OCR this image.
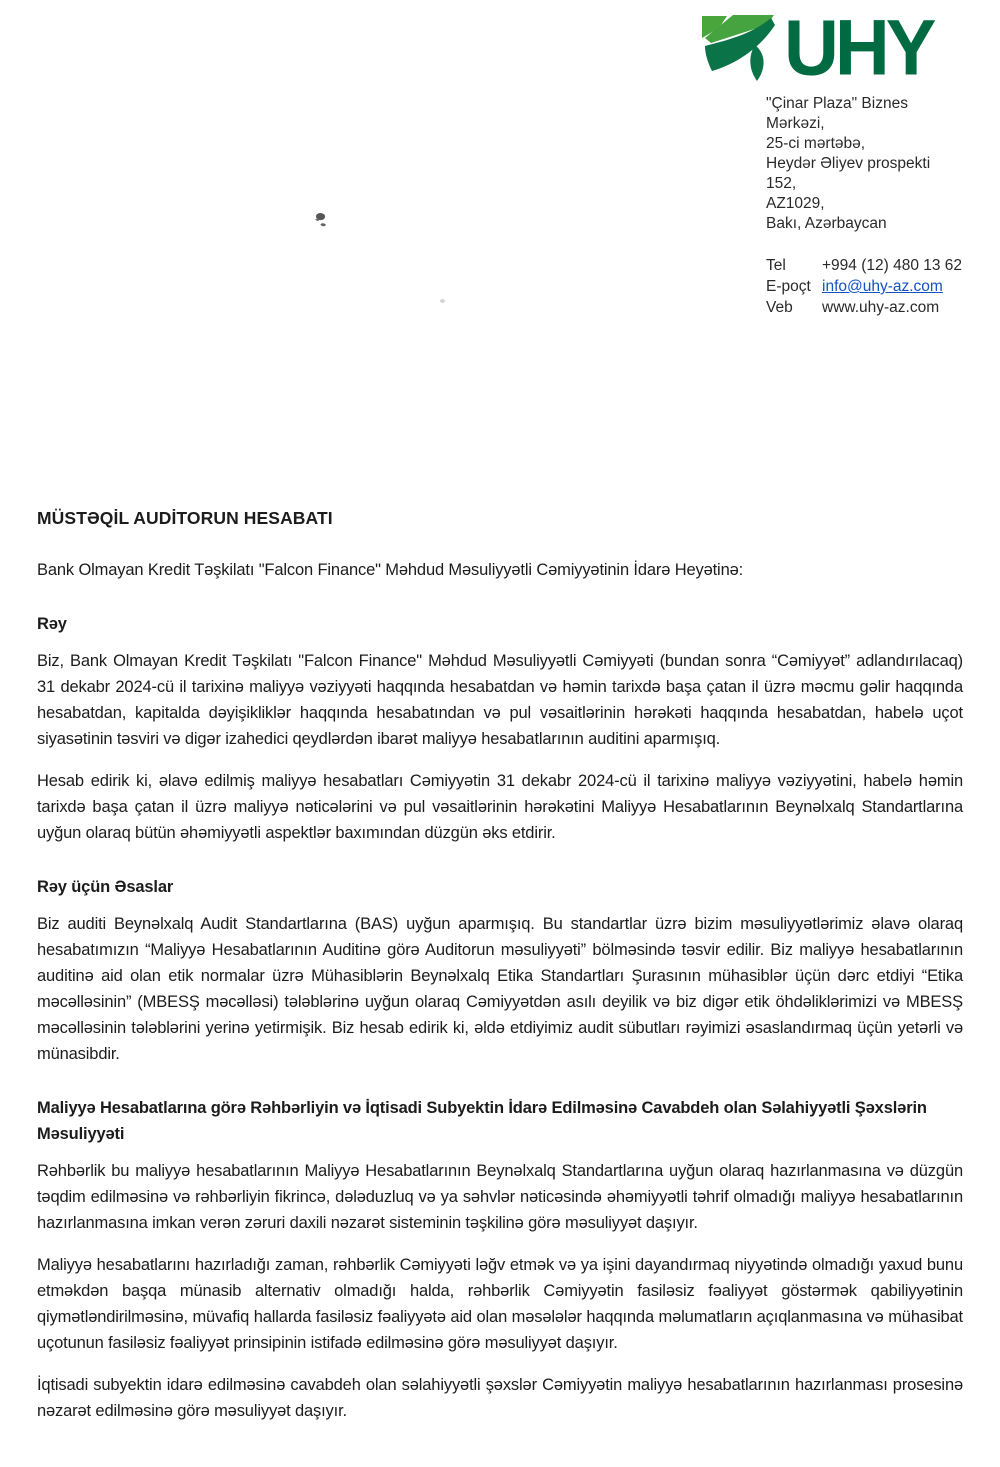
UHY
"Çinar Plaza" Biznes Mərkəzi,
25-ci mərtəbə,
Heydər Əliyev prospekti 152,
AZ1029,
Bakı, Azərbaycan
Tel	+994 (12) 480 13 62
E-poçt info@uhy-az.com
Veb	www.uhy-az.com
MÜSTƏQİL AUDİTORUN HESABATI

Bank Olmayan Kredit Təşkilatı "Falcon Finance" Məhdud Məsuliyyətli Cəmiyyətinin İdarə Heyətinə:

Rəy

Biz, Bank Olmayan Kredit Təşkilatı "Falcon Finance" Məhdud Məsuliyyətli Cəmiyyəti (bundan sonra “Cəmiyyət” adlandırılacaq) 31 dekabr 2024-cü il tarixinə maliyyə vəziyyəti haqqında hesabatdan və həmin tarixdə başa çatan il üzrə məcmu gəlir haqqında hesabatdan, kapitalda dəyişikliklər haqqında hesabatından və pul vəsaitlərinin hərəkəti haqqında hesabatdan, habelə uçot siyasətinin təsviri və digər izahedici qeydlərdən ibarət maliyyə hesabatlarının auditini aparmışıq.

Hesab edirik ki, əlavə edilmiş maliyyə hesabatları Cəmiyyətin 31 dekabr 2024-cü il tarixinə maliyyə vəziyyətini, habelə həmin tarixdə başa çatan il üzrə maliyyə nəticələrini və pul vəsaitlərinin hərəkətini Maliyyə Hesabatlarının Beynəlxalq Standartlarına uyğun olaraq bütün əhəmiyyətli aspektlər baxımından düzgün əks etdirir.

Rəy üçün Əsaslar

Biz auditi Beynəlxalq Audit Standartlarına (BAS) uyğun aparmışıq. Bu standartlar üzrə bizim məsuliyyətlərimiz əlavə olaraq hesabatımızın “Maliyyə Hesabatlarının Auditinə görə Auditorun məsuliyyəti” bölməsində təsvir edilir. Biz maliyyə hesabatlarının auditinə aid olan etik normalar üzrə Mühasiblərin Beynəlxalq Etika Standartları Şurasının mühasiblər üçün dərc etdiyi “Etika məcəlləsinin” (MBESŞ məcəlləsi) tələblərinə uyğun olaraq Cəmiyyətdən asılı deyilik və biz digər etik öhdəliklərimizi və MBESŞ məcəlləsinin tələblərini yerinə yetirmişik. Biz hesab edirik ki, əldə etdiyimiz audit sübutları rəyimizi əsaslandırmaq üçün yetərli və münasibdir.

Maliyyə Hesabatlarına görə Rəhbərliyin və İqtisadi Subyektin İdarə Edilməsinə Cavabdeh olan Səlahiyyətli Şəxslərin Məsuliyyəti

Rəhbərlik bu maliyyə hesabatlarının Maliyyə Hesabatlarının Beynəlxalq Standartlarına uyğun olaraq hazırlanmasına və düzgün təqdim edilməsinə və rəhbərliyin fikrincə, dələduzluq və ya səhvlər nəticəsində əhəmiyyətli təhrif olmadığı maliyyə hesabatlarının hazırlanmasına imkan verən zəruri daxili nəzarət sisteminin təşkilinə görə məsuliyyət daşıyır.

Maliyyə hesabatlarını hazırladığı zaman, rəhbərlik Cəmiyyəti ləğv etmək və ya işini dayandırmaq niyyətində olmadığı yaxud bunu etməkdən başqa münasib alternativ olmadığı halda, rəhbərlik Cəmiyyətin fasiləsiz fəaliyyət göstərmək qabiliyyətinin qiymətləndirilməsinə, müvafiq hallarda fasiləsiz fəaliyyətə aid olan məsələlər haqqında məlumatların açıqlanmasına və mühasibat uçotunun fasiləsiz fəaliyyət prinsipinin istifadə edilməsinə görə məsuliyyət daşıyır.

İqtisadi subyektin idarə edilməsinə cavabdeh olan səlahiyyətli şəxslər Cəmiyyətin maliyyə hesabatlarının hazırlanması prosesinə nəzarət edilməsinə görə məsuliyyət daşıyır.
